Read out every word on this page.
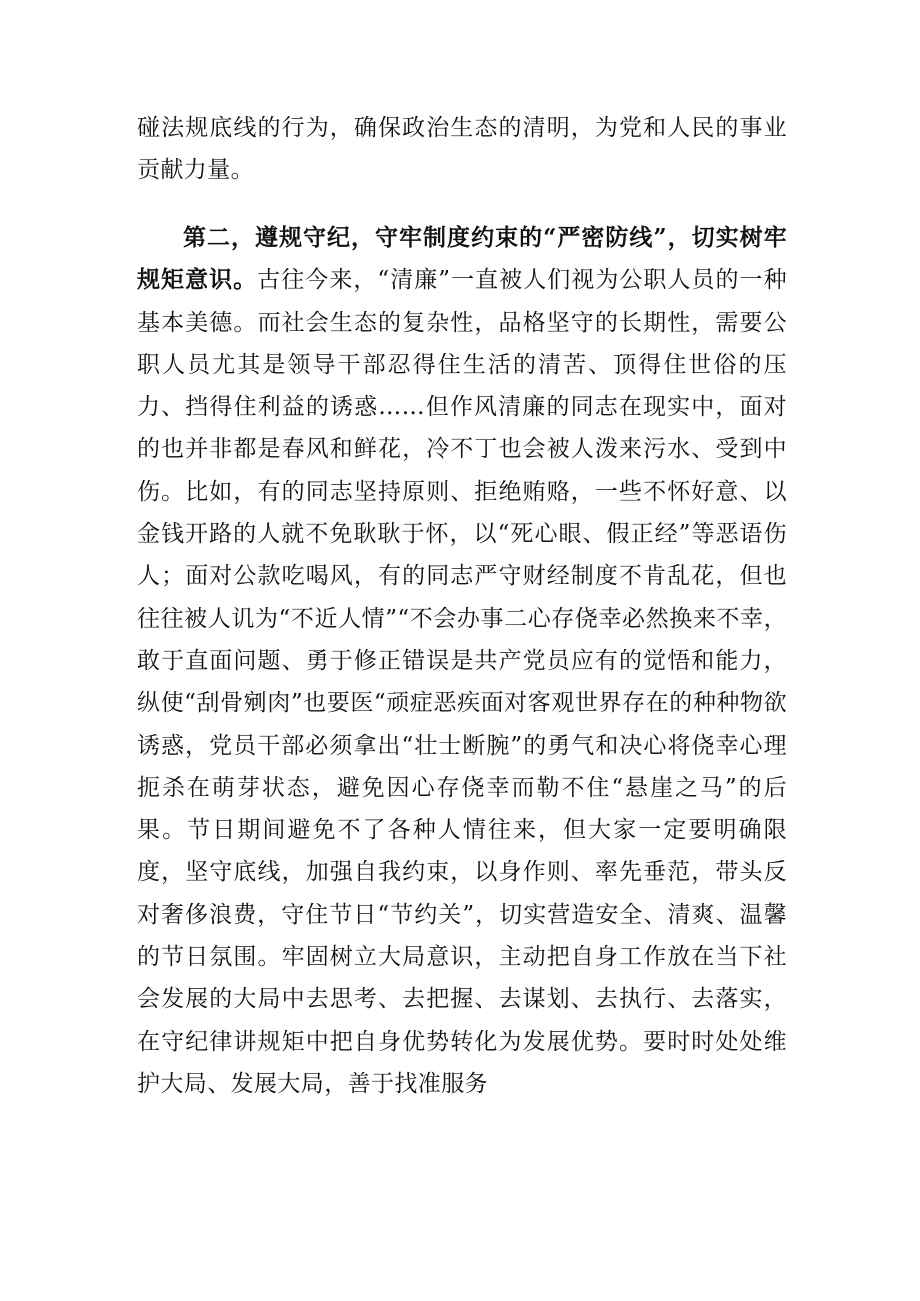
碰法规底线的行为，确保政治生态的清明，为党和人民的事业贡献力量。

第二，遵规守纪，守牢制度约束的“严密防线”，切实树牢规矩意识。古往今来，“清廉”一直被人们视为公职人员的一种基本美德。而社会生态的复杂性，品格坚守的长期性，需要公职人员尤其是领导干部忍得住生活的清苦、顶得住世俗的压力、挡得住利益的诱惑……但作风清廉的同志在现实中，面对的也并非都是春风和鲜花，冷不丁也会被人泼来污水、受到中伤。比如，有的同志坚持原则、拒绝贿赂，一些不怀好意、以金钱开路的人就不免耿耿于怀，以“死心眼、假正经”等恶语伤人；面对公款吃喝风，有的同志严守财经制度不肯乱花，但也往往被人讥为“不近人情”“不会办事二心存侥幸必然换来不幸，敢于直面问题、勇于修正错误是共产党员应有的觉悟和能力，纵使“刮骨剜肉”也要医“顽症恶疾面对客观世界存在的种种物欲诱惑，党员干部必须拿出“壮士断腕”的勇气和决心将侥幸心理扼杀在萌芽状态，避免因心存侥幸而勒不住“悬崖之马”的后果。节日期间避免不了各种人情往来，但大家一定要明确限度，坚守底线，加强自我约束，以身作则、率先垂范，带头反对奢侈浪费，守住节日“节约关”，切实营造安全、清爽、温馨的节日氛围。牢固树立大局意识，主动把自身工作放在当下社会发展的大局中去思考、去把握、去谋划、去执行、去落实，在守纪律讲规矩中把自身优势转化为发展优势。要时时处处维护大局、发展大局，善于找准服务
